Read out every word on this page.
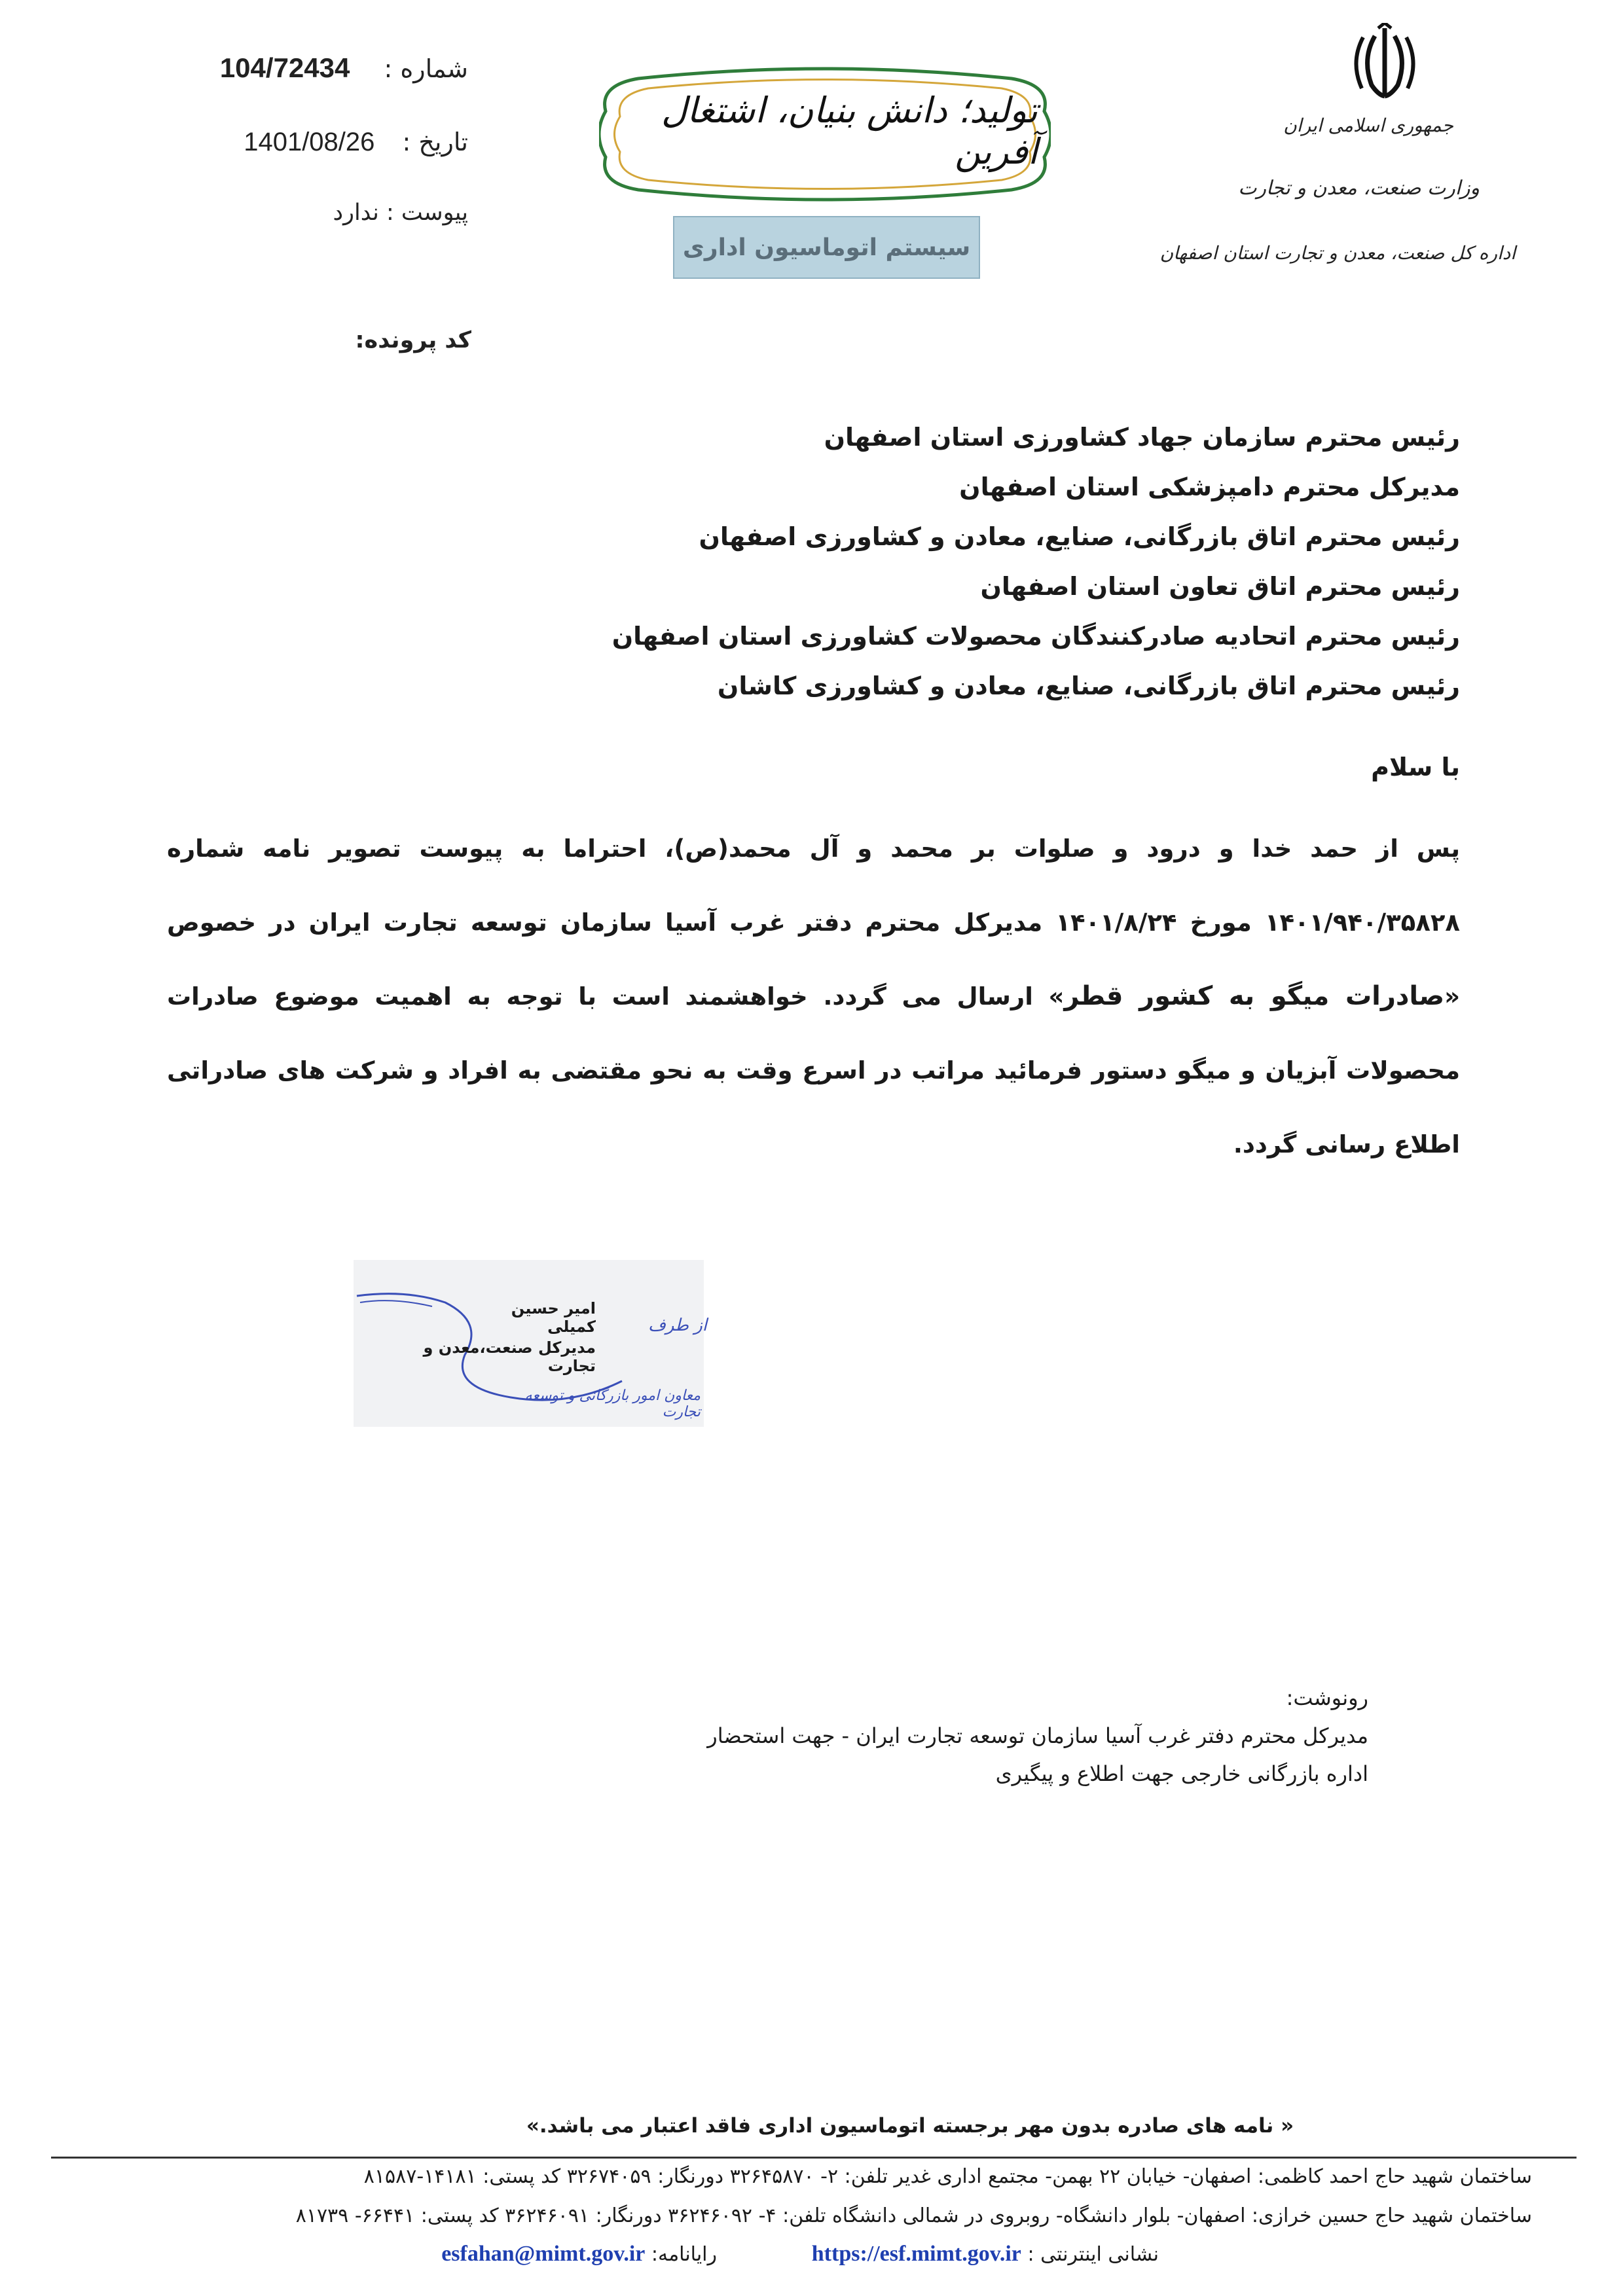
شماره : 104/72434
تاریخ : 1401/08/26
پیوست : ندارد
کد پرونده:
تولید؛ دانش بنیان، اشتغال آفرین
سیستم اتوماسیون اداری
جمهوری اسلامی ایران
وزارت صنعت، معدن و تجارت
اداره کل صنعت، معدن و تجارت استان اصفهان
رئیس محترم سازمان جهاد کشاورزی استان اصفهان
مدیرکل محترم دامپزشکی استان اصفهان
رئیس محترم اتاق بازرگانی، صنایع، معادن و کشاورزی اصفهان
رئیس محترم اتاق تعاون استان اصفهان
رئیس محترم اتحادیه صادرکنندگان محصولات کشاورزی استان اصفهان
رئیس محترم اتاق بازرگانی، صنایع، معادن و کشاورزی کاشان
با سلام
پس از حمد خدا و درود و صلوات بر محمد و آل محمد(ص)، احتراما به پیوست تصویر نامه شماره ۱۴۰۱/۹۴۰/۳۵۸۲۸ مورخ ۱۴۰۱/۸/۲۴ مدیرکل محترم دفتر غرب آسیا سازمان توسعه تجارت ایران در خصوص «صادرات میگو به کشور قطر» ارسال می گردد. خواهشمند است با توجه به اهمیت موضوع صادرات محصولات آبزیان و میگو دستور فرمائید مراتب در اسرع وقت به نحو مقتضی به افراد و شرکت های صادراتی اطلاع رسانی گردد.
از طرف
امیر حسین کمیلی
مدیرکل صنعت،معدن و تجارت
معاون امور بازرگانی و توسعه تجارت
رونوشت:
مدیرکل محترم دفتر غرب آسیا سازمان توسعه تجارت ایران - جهت استحضار
اداره بازرگانی خارجی جهت اطلاع و پیگیری
« نامه های صادره بدون مهر برجسته اتوماسیون اداری فاقد اعتبار می باشد.»
ساختمان شهید حاج احمد کاظمی: اصفهان- خیابان ۲۲ بهمن- مجتمع اداری غدیر تلفن: ۲- ۳۲۶۴۵۸۷۰ دورنگار: ۳۲۶۷۴۰۵۹ کد پستی: ۱۴۱۸۱-۸۱۵۸۷
ساختمان شهید حاج حسین خرازی: اصفهان- بلوار دانشگاه- روبروی در شمالی دانشگاه تلفن: ۴- ۳۶۲۴۶۰۹۲ دورنگار: ۳۶۲۴۶۰۹۱ کد پستی: ۶۶۴۴۱- ۸۱۷۳۹
نشانی اینترنتی : https://esf.mimt.gov.ir
رایانامه: esfahan@mimt.gov.ir
